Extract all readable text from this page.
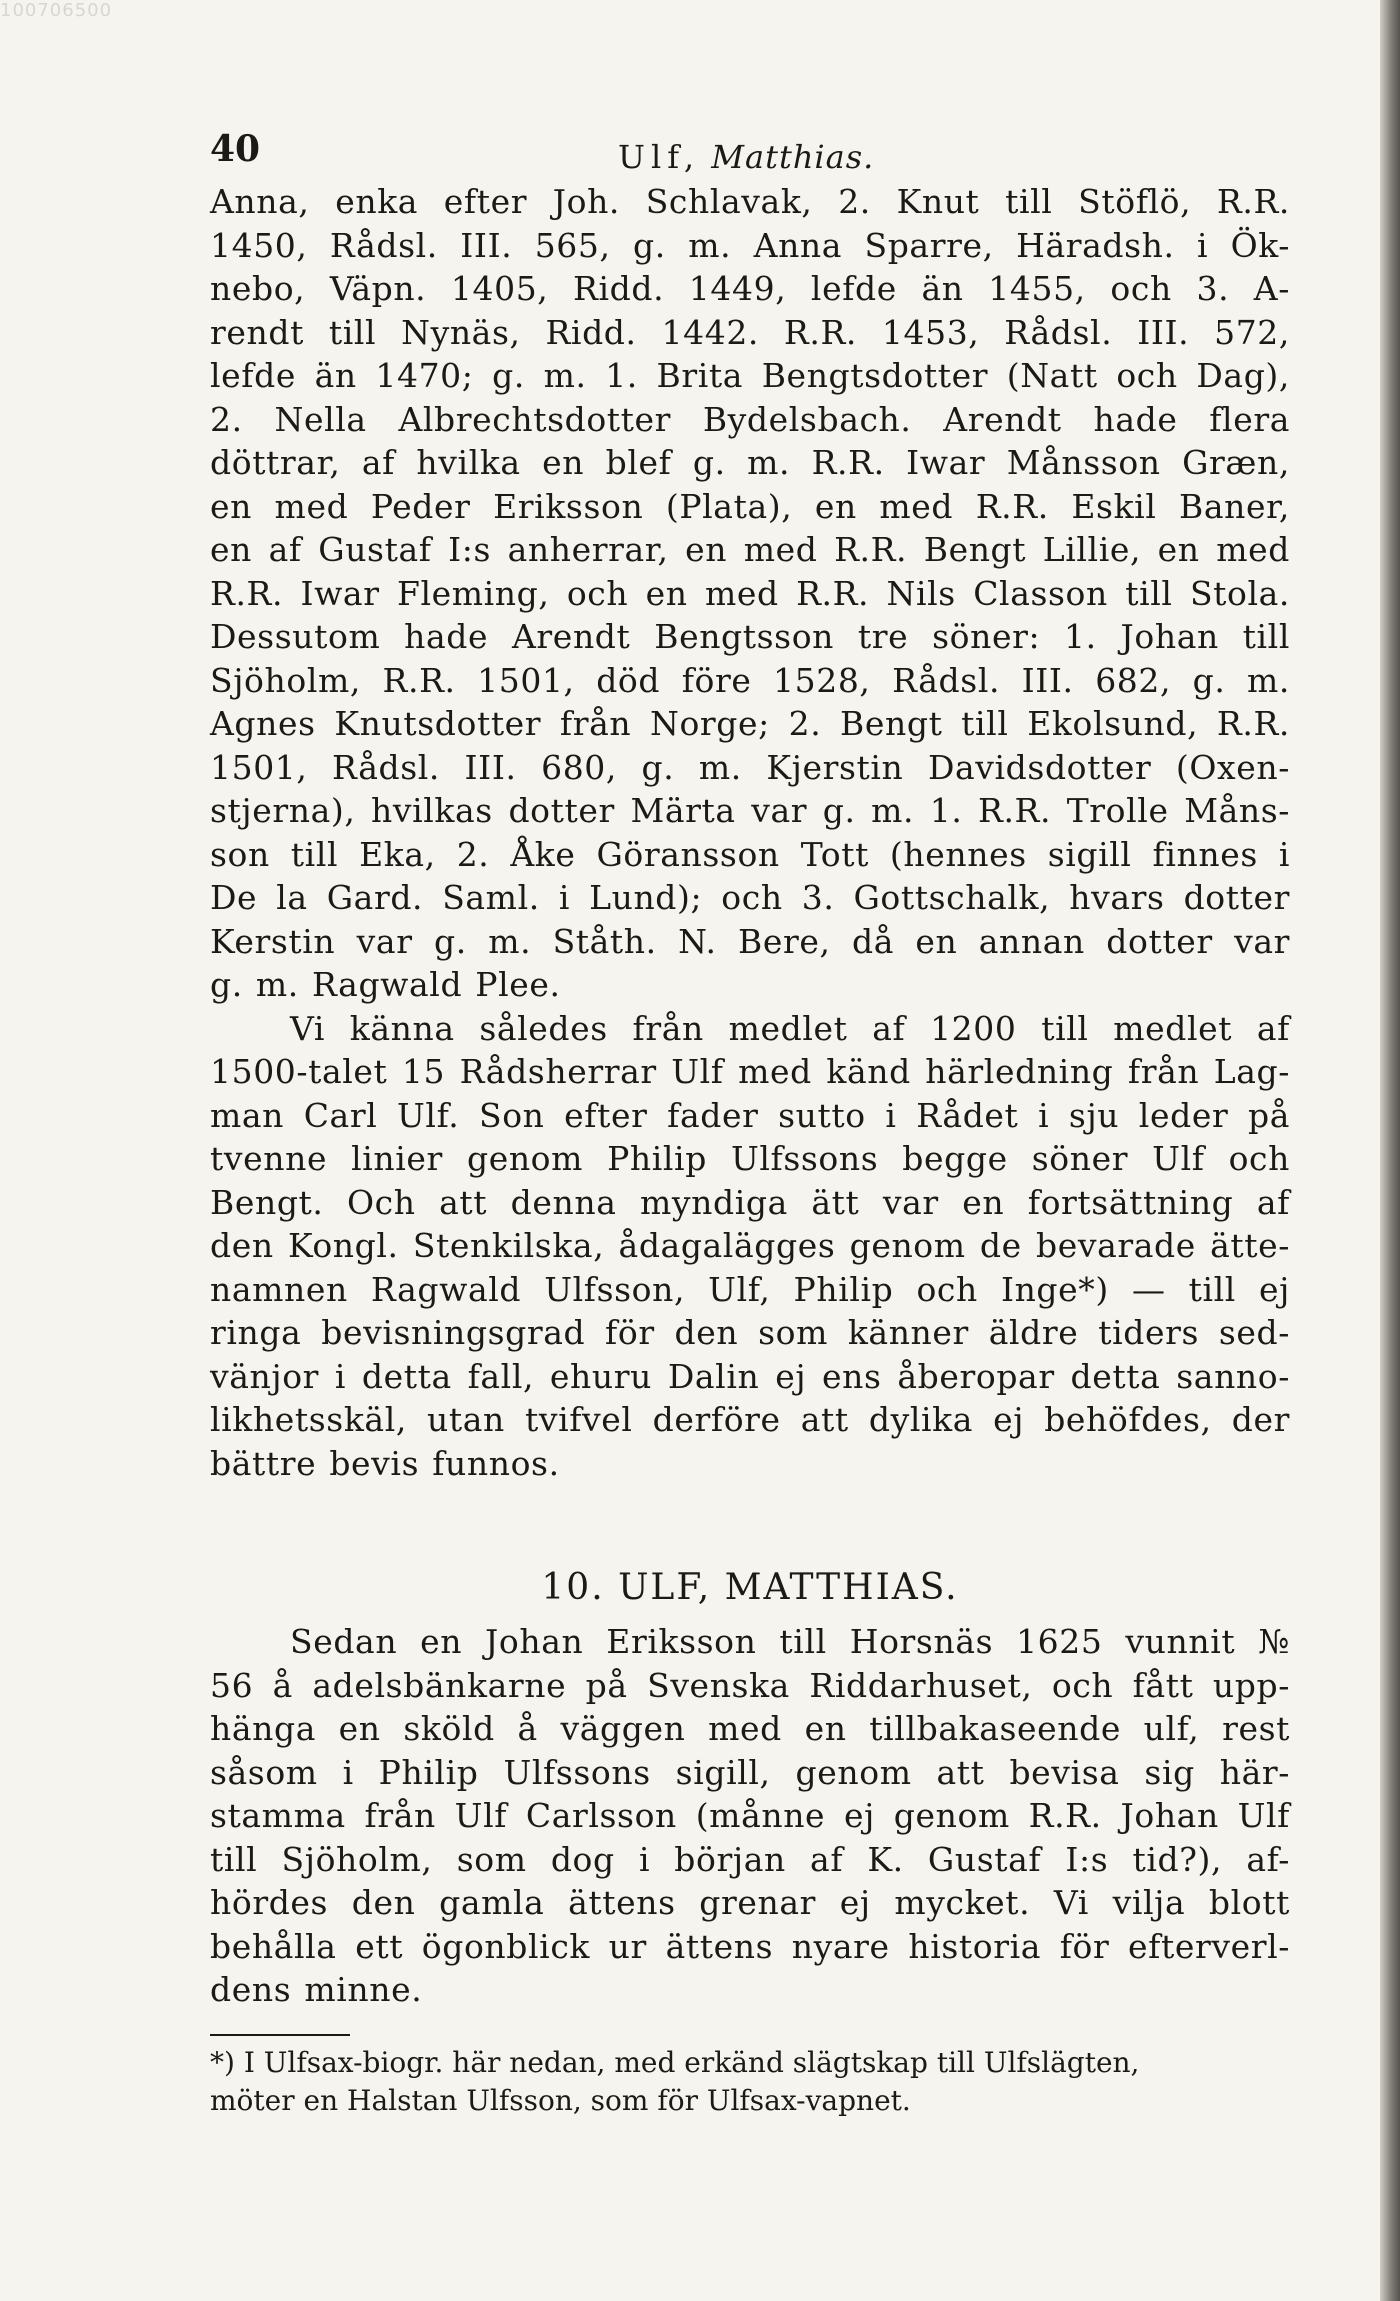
100706500
40	Ulf, Matthias.
Anna, enka efter Joh. Schlavak, 2. Knut till Stöflö, R.R.
1450, Rådsl. III. 565, g. m. Anna Sparre, Häradsh. i Ök-
nebo, Väpn. 1405, Ridd. 1449, lefde än 1455, och 3. A-
rendt till Nynäs, Ridd. 1442. R.R. 1453, Rådsl. III. 572,
lefde än 1470; g. m. 1. Brita Bengtsdotter (Natt och Dag),
2. Nella Albrechtsdotter Bydelsbach. Arendt hade flera
döttrar, af hvilka en blef g. m. R.R. Iwar Månsson Græn,
en med Peder Eriksson (Plata), en med R.R. Eskil Baner,
en af Gustaf I:s anherrar, en med R.R. Bengt Lillie, en med
R.R. Iwar Fleming, och en med R.R. Nils Classon till Stola.
Dessutom hade Arendt Bengtsson tre söner: 1. Johan till
Sjöholm, R.R. 1501, död före 1528, Rådsl. III. 682, g. m.
Agnes Knutsdotter från Norge; 2. Bengt till Ekolsund, R.R.
1501, Rådsl. III. 680, g. m. Kjerstin Davidsdotter (Oxen-
stjerna), hvilkas dotter Märta var g. m. 1. R.R. Trolle Måns-
son till Eka, 2. Åke Göransson Tott (hennes sigill finnes i
De la Gard. Saml. i Lund); och 3. Gottschalk, hvars dotter
Kerstin var g. m. Ståth. N. Bere, då en annan dotter var
g. m. Ragwald Plee.
Vi känna således från medlet af 1200 till medlet af
1500-talet 15 Rådsherrar Ulf med känd härledning från Lag-
man Carl Ulf. Son efter fader sutto i Rådet i sju leder på
tvenne linier genom Philip Ulfssons begge söner Ulf och
Bengt. Och att denna myndiga ätt var en fortsättning af
den Kongl. Stenkilska, ådagalägges genom de bevarade ätte-
namnen Ragwald Ulfsson, Ulf, Philip och Inge*) — till ej
ringa bevisningsgrad för den som känner äldre tiders sed-
vänjor i detta fall, ehuru Dalin ej ens åberopar detta sanno-
likhetsskäl, utan tvifvel derföre att dylika ej behöfdes, der
bättre bevis funnos.
10. ULF, MATTHIAS.
Sedan en Johan Eriksson till Horsnäs 1625 vunnit №
56 å adelsbänkarne på Svenska Riddarhuset, och fått upp-
hänga en sköld å väggen med en tillbakaseende ulf, rest
såsom i Philip Ulfssons sigill, genom att bevisa sig här-
stamma från Ulf Carlsson (månne ej genom R.R. Johan Ulf
till Sjöholm, som dog i början af K. Gustaf I:s tid?), af-
hördes den gamla ättens grenar ej mycket. Vi vilja blott
behålla ett ögonblick ur ättens nyare historia för efterverl-
dens minne.
*) I Ulfsax-biogr. här nedan, med erkänd slägtskap till Ulfslägten,
möter en Halstan Ulfsson, som för Ulfsax-vapnet.
